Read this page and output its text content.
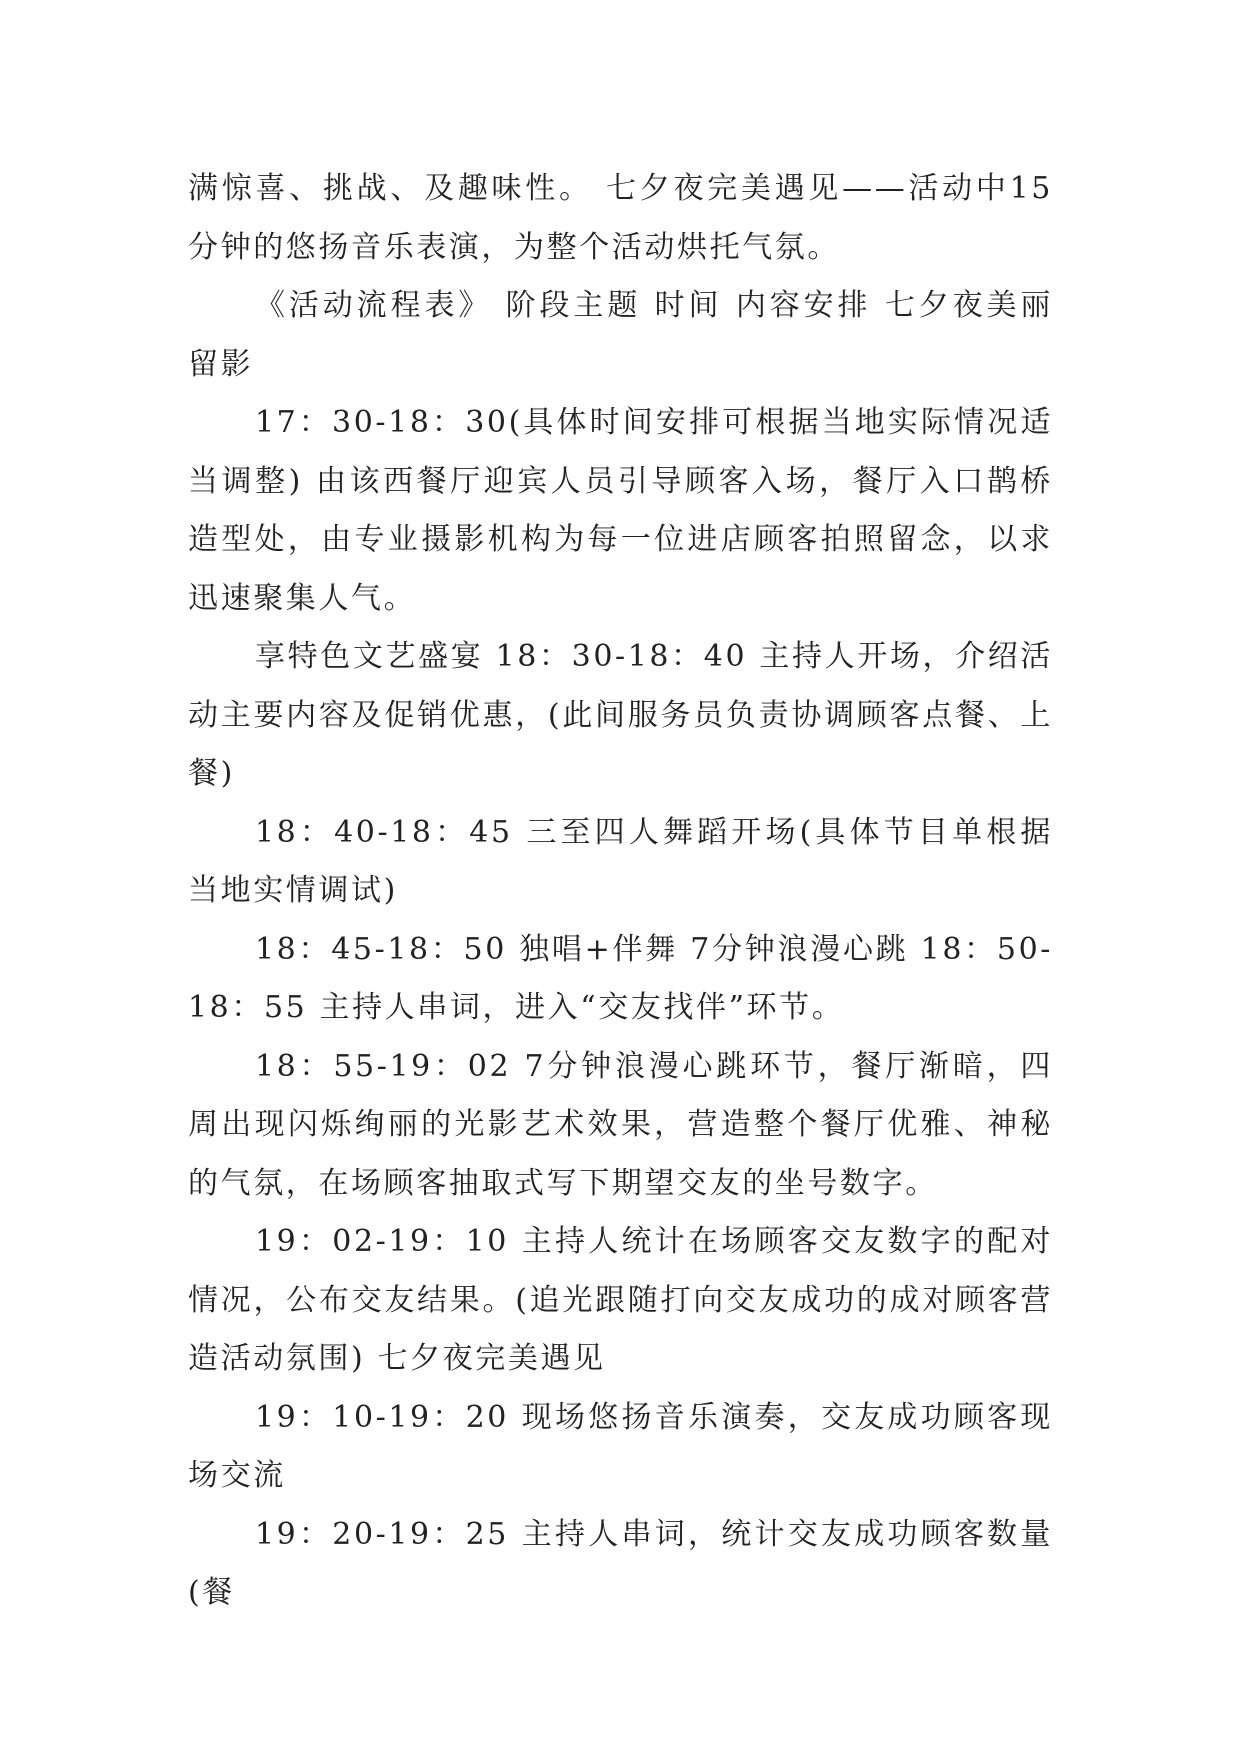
满惊喜、挑战、及趣味性。 七夕夜完美遇见——活动中15分钟的悠扬音乐表演，为整个活动烘托气氛。

《活动流程表》 阶段主题 时间 内容安排 七夕夜美丽留影

17：30-18：30(具体时间安排可根据当地实际情况适当调整) 由该西餐厅迎宾人员引导顾客入场，餐厅入口鹊桥造型处，由专业摄影机构为每一位进店顾客拍照留念，以求迅速聚集人气。

享特色文艺盛宴 18：30-18：40 主持人开场，介绍活动主要内容及促销优惠，(此间服务员负责协调顾客点餐、上餐)

18：40-18：45 三至四人舞蹈开场(具体节目单根据当地实情调试)

18：45-18：50 独唱+伴舞 7分钟浪漫心跳 18：50-18：55 主持人串词，进入“交友找伴”环节。

18：55-19：02 7分钟浪漫心跳环节，餐厅渐暗，四周出现闪烁绚丽的光影艺术效果，营造整个餐厅优雅、神秘的气氛，在场顾客抽取式写下期望交友的坐号数字。

19：02-19：10 主持人统计在场顾客交友数字的配对情况，公布交友结果。(追光跟随打向交友成功的成对顾客营造活动氛围) 七夕夜完美遇见

19：10-19：20 现场悠扬音乐演奏，交友成功顾客现场交流

19：20-19：25 主持人串词，统计交友成功顾客数量(餐
